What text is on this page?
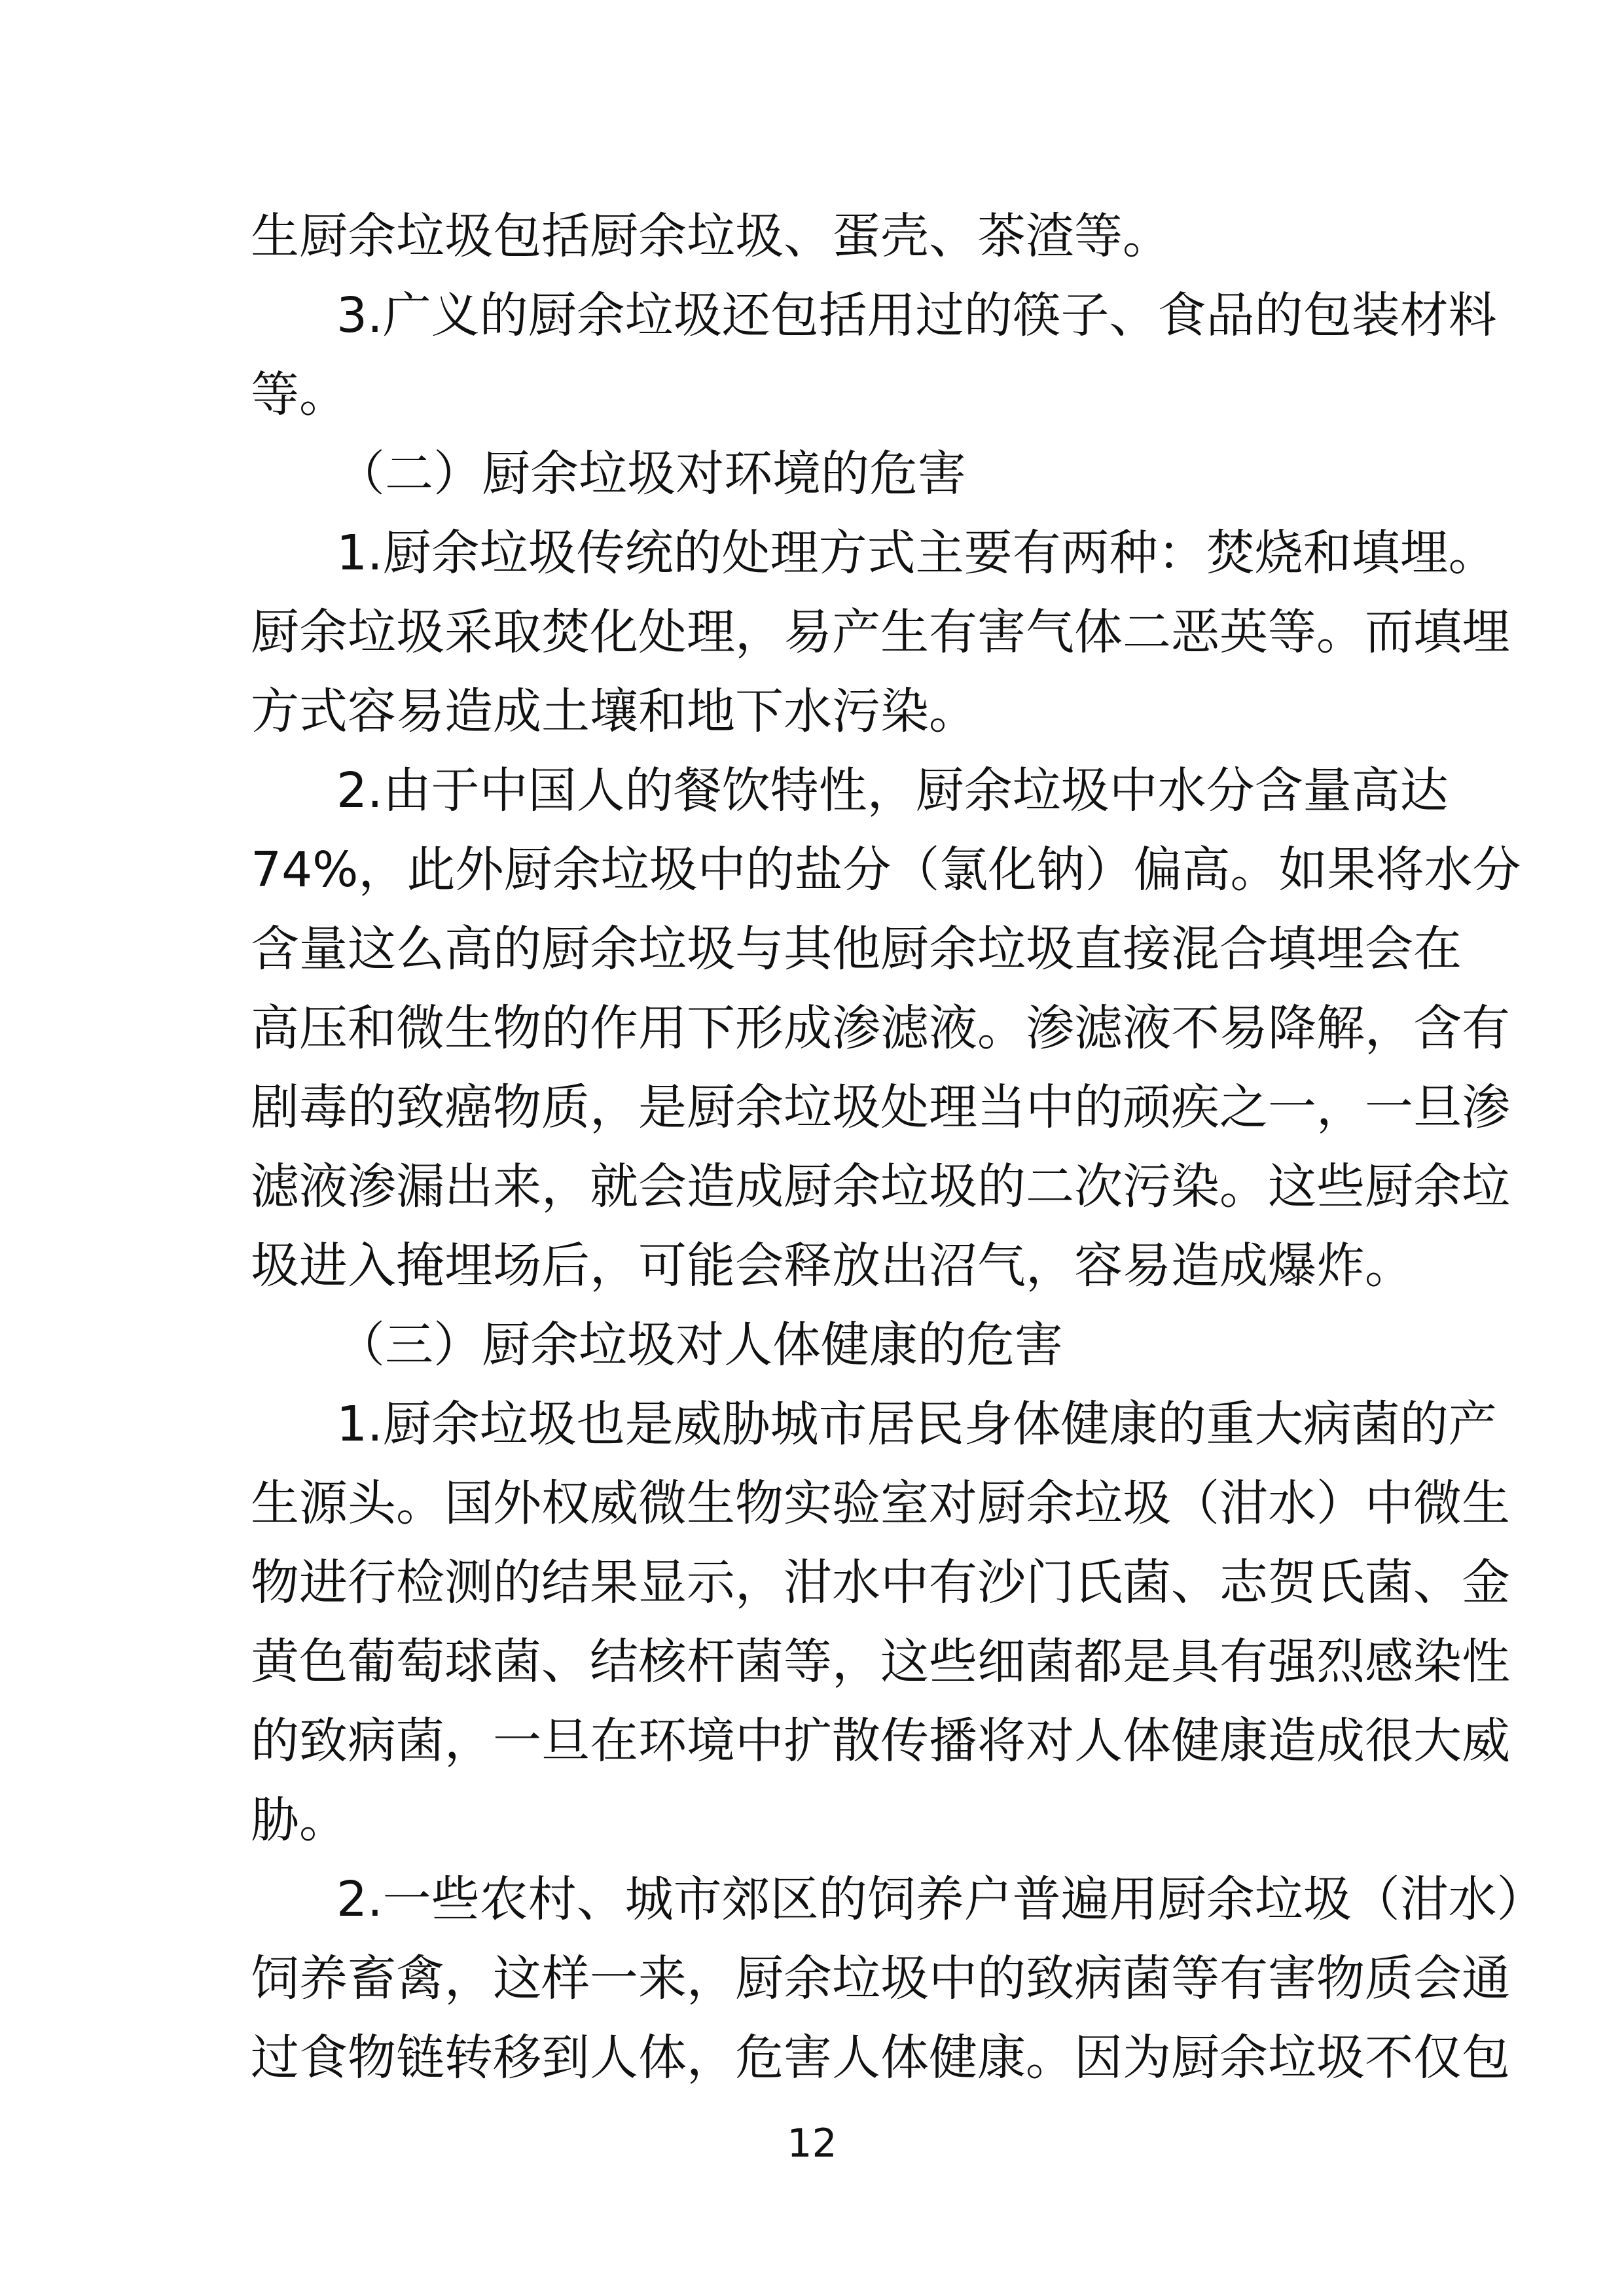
生厨余垃圾包括厨余垃圾、蛋壳、茶渣等。
3.广义的厨余垃圾还包括用过的筷子、食品的包装材料
等。
（二）厨余垃圾对环境的危害
1.厨余垃圾传统的处理方式主要有两种：焚烧和填埋。
厨余垃圾采取焚化处理，易产生有害气体二恶英等。而填埋
方式容易造成土壤和地下水污染。
2.由于中国人的餐饮特性，厨余垃圾中水分含量高达
74%，此外厨余垃圾中的盐分（氯化钠）偏高。如果将水分
含量这么高的厨余垃圾与其他厨余垃圾直接混合填埋会在
高压和微生物的作用下形成渗滤液。渗滤液不易降解，含有
剧毒的致癌物质，是厨余垃圾处理当中的顽疾之一，一旦渗
滤液渗漏出来，就会造成厨余垃圾的二次污染。这些厨余垃
圾进入掩埋场后，可能会释放出沼气，容易造成爆炸。
（三）厨余垃圾对人体健康的危害
1.厨余垃圾也是威胁城市居民身体健康的重大病菌的产
生源头。国外权威微生物实验室对厨余垃圾（泔水）中微生
物进行检测的结果显示，泔水中有沙门氏菌、志贺氏菌、金
黄色葡萄球菌、结核杆菌等，这些细菌都是具有强烈感染性
的致病菌，一旦在环境中扩散传播将对人体健康造成很大威
胁。
2.一些农村、城市郊区的饲养户普遍用厨余垃圾（泔水）
饲养畜禽，这样一来，厨余垃圾中的致病菌等有害物质会通
过食物链转移到人体，危害人体健康。因为厨余垃圾不仅包
12
